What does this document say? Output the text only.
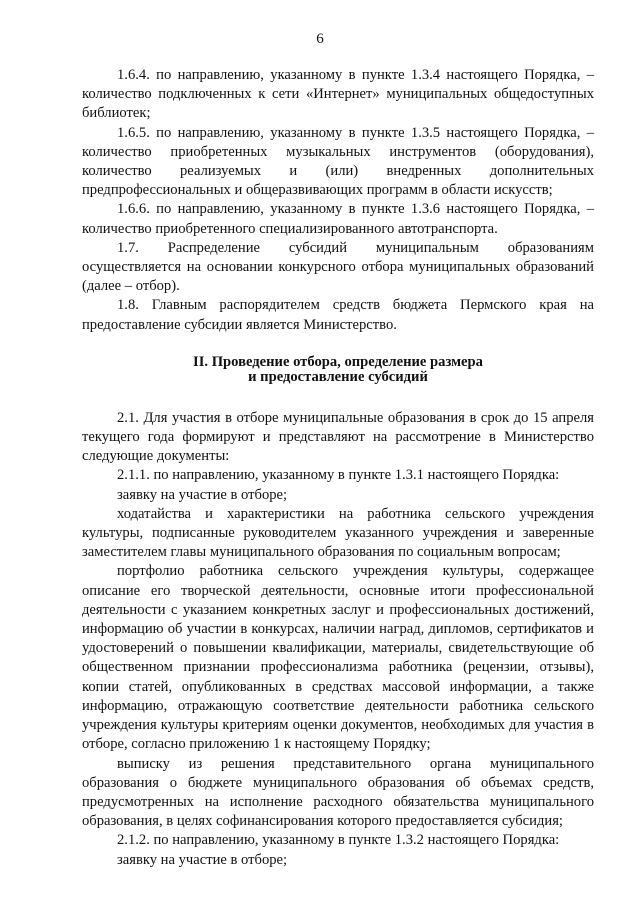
6

1.6.4. по направлению, указанному в пункте 1.3.4 настоящего Порядка, – количество подключенных к сети «Интернет» муниципальных общедоступных библиотек;

1.6.5. по направлению, указанному в пункте 1.3.5 настоящего Порядка, – количество приобретенных музыкальных инструментов (оборудования), количество реализуемых и (или) внедренных дополнительных предпрофессиональных и общеразвивающих программ в области искусств;

1.6.6. по направлению, указанному в пункте 1.3.6 настоящего Порядка, – количество приобретенного специализированного автотранспорта.

1.7. Распределение субсидий муниципальным образованиям осуществляется на основании конкурсного отбора муниципальных образований (далее – отбор).

1.8. Главным распорядителем средств бюджета Пермского края на предоставление субсидии является Министерство.

II. Проведение отбора, определение размера
и предоставление субсидий

2.1. Для участия в отборе муниципальные образования в срок до 15 апреля текущего года формируют и представляют на рассмотрение в Министерство следующие документы:

2.1.1. по направлению, указанному в пункте 1.3.1 настоящего Порядка:

заявку на участие в отборе;

ходатайства и характеристики на работника сельского учреждения культуры, подписанные руководителем указанного учреждения и заверенные заместителем главы муниципального образования по социальным вопросам;

портфолио работника сельского учреждения культуры, содержащее описание его творческой деятельности, основные итоги профессиональной деятельности с указанием конкретных заслуг и профессиональных достижений, информацию об участии в конкурсах, наличии наград, дипломов, сертификатов и удостоверений о повышении квалификации, материалы, свидетельствующие об общественном признании профессионализма работника (рецензии, отзывы), копии статей, опубликованных в средствах массовой информации, а также информацию, отражающую соответствие деятельности работника сельского учреждения культуры критериям оценки документов, необходимых для участия в отборе, согласно приложению 1 к настоящему Порядку;

выписку из решения представительного органа муниципального образования о бюджете муниципального образования об объемах средств, предусмотренных на исполнение расходного обязательства муниципального образования, в целях софинансирования которого предоставляется субсидия;

2.1.2. по направлению, указанному в пункте 1.3.2 настоящего Порядка:

заявку на участие в отборе;
